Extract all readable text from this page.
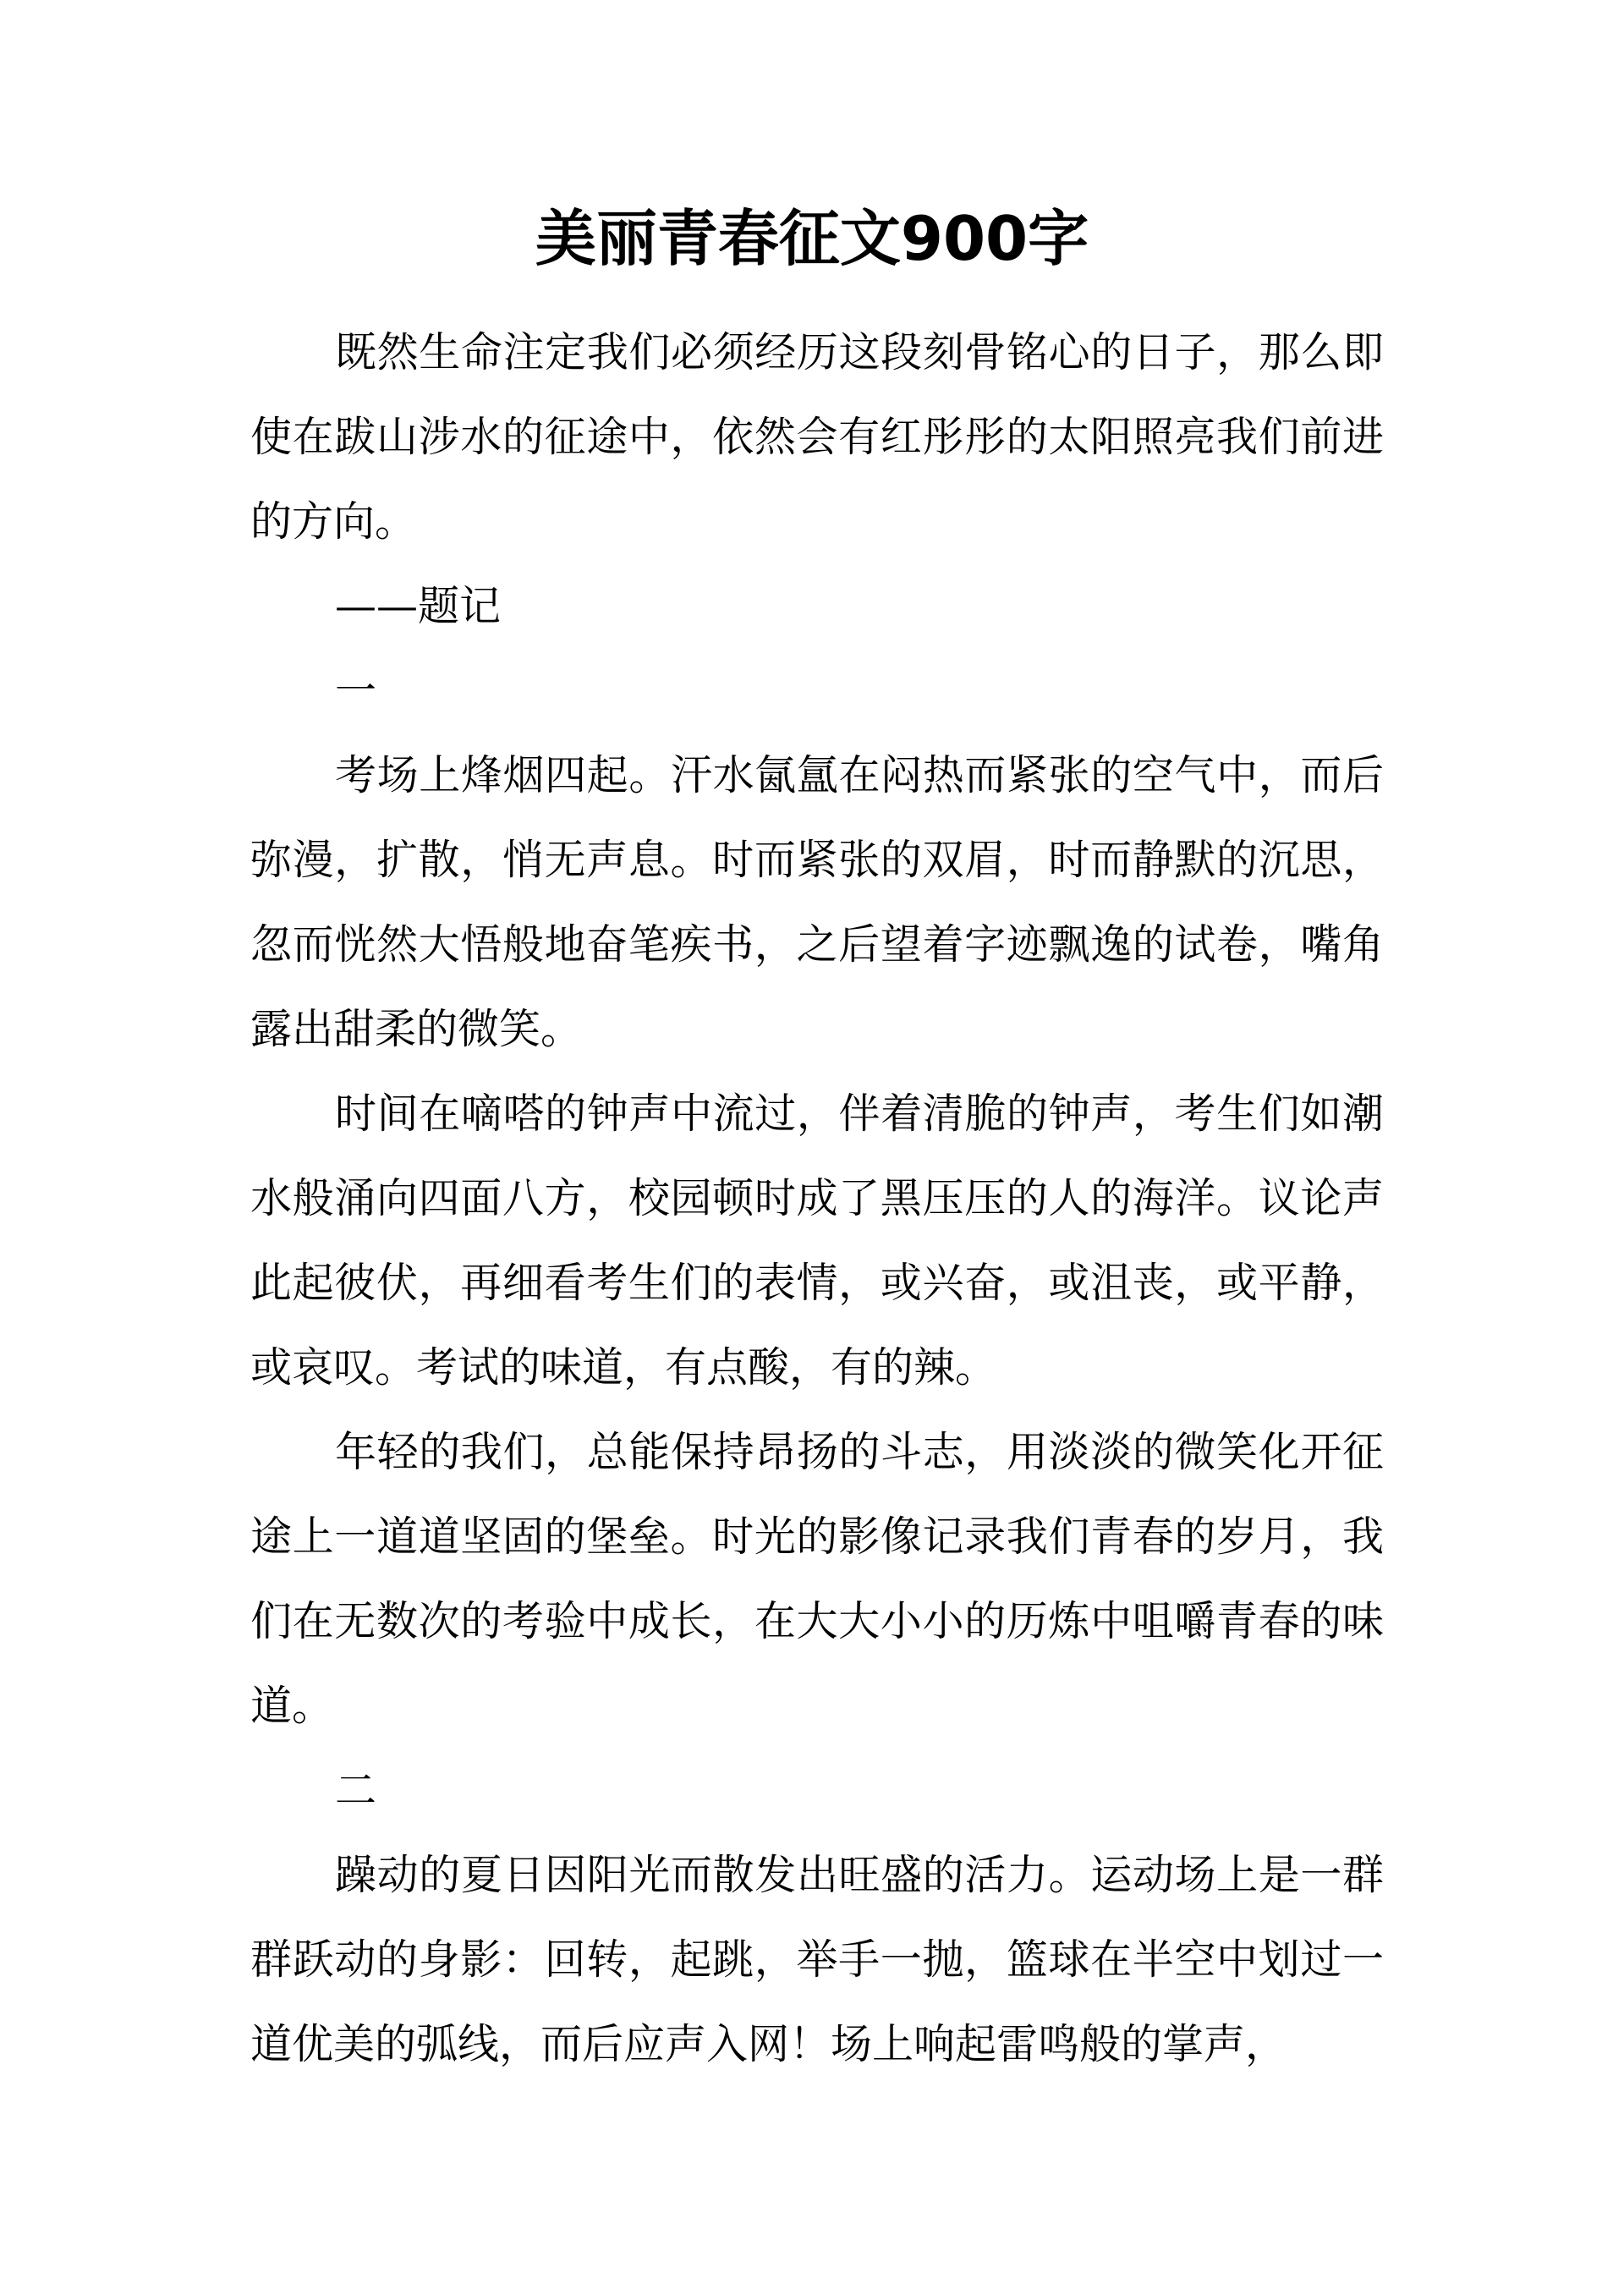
美丽青春征文900字

既然生命注定我们必须经历这段刻骨铭心的日子，那么即使在跋山涉水的征途中，依然会有红彤彤的太阳照亮我们前进的方向。

——题记

一

考场上烽烟四起。汗水氤氲在闷热而紧张的空气中，而后弥漫，扩散，悄无声息。时而紧张的双眉，时而静默的沉思，忽而恍然大悟般地奋笔疾书，之后望着字迹飘逸的试卷，嘴角露出甜柔的微笑。

时间在嘀嗒的钟声中流过，伴着清脆的钟声，考生们如潮水般涌向四面八方，校园顿时成了黑压压的人的海洋。议论声此起彼伏，再细看考生们的表情，或兴奋，或沮丧，或平静，或哀叹。考试的味道，有点酸，有的辣。

年轻的我们，总能保持昂扬的斗志，用淡淡的微笑化开征途上一道道坚固的堡垒。时光的影像记录我们青春的岁月，我们在无数次的考验中成长，在大大小小的历炼中咀嚼青春的味道。

二

躁动的夏日因阳光而散发出旺盛的活力。运动场上是一群群跃动的身影：回转，起跳，举手一抛，篮球在半空中划过一道优美的弧线，而后应声入网！场上响起雷鸣般的掌声，
